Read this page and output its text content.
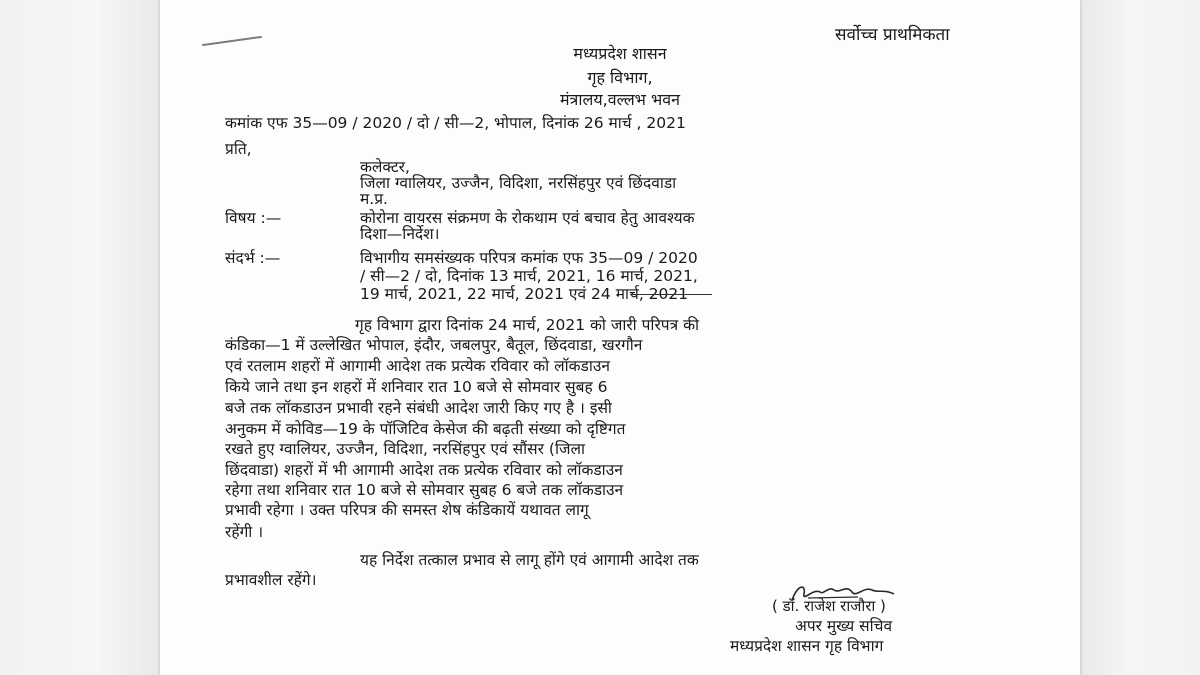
सर्वोच्च प्राथमिकता
मध्यप्रदेश शासन
गृह विभाग,
मंत्रालय,वल्लभ भवन
कमांक एफ 35—09 / 2020 / दो / सी—2, भोपाल, दिनांक 26 मार्च , 2021
प्रति,
कलेक्टर,
जिला ग्वालियर, उज्जैन, विदिशा, नरसिंहपुर एवं छिंदवाडा
म.प्र.
विषय :—	कोरोना वायरस संक्रमण के रोकथाम एवं बचाव हेतु आवश्यक
दिशा—निर्देश।
संदर्भ :—	विभागीय समसंख्यक परिपत्र कमांक एफ 35—09 / 2020
/ सी—2 / दो, दिनांक 13 मार्च, 2021, 16 मार्च, 2021,
19 मार्च, 2021, 22 मार्च, 2021 एवं 24 मार्च, 2021
गृह विभाग द्वारा दिनांक 24 मार्च, 2021 को जारी परिपत्र की
कंडिका—1 में उल्लेखित भोपाल, इंदौर, जबलपुर, बैतूल, छिंदवाडा, खरगौन
एवं रतलाम शहरों में आगामी आदेश तक प्रत्येक रविवार को लॉकडाउन
किये जाने तथा इन शहरों में शनिवार रात 10 बजे से सोमवार सुबह 6
बजे तक लॉकडाउन प्रभावी रहने संबंधी आदेश जारी किए गए है । इसी
अनुकम में कोविड—19 के पॉजिटिव केसेज की बढ़ती संख्या को दृष्टिगत
रखते हुए ग्वालियर, उज्जैन, विदिशा, नरसिंहपुर एवं सौंसर (जिला
छिंदवाडा) शहरों में भी आगामी आदेश तक प्रत्येक रविवार को लॉकडाउन
रहेगा तथा शनिवार रात 10 बजे से सोमवार सुबह 6 बजे तक लॉकडाउन
प्रभावी रहेगा । उक्त परिपत्र की समस्त शेष कंडिकायें यथावत लागू
रहेंगी ।
यह निर्देश तत्काल प्रभाव से लागू होंगे एवं आगामी आदेश तक
प्रभावशील रहेंगे।
( डॉ. राजेश राजौरा )
अपर मुख्य सचिव
मध्यप्रदेश शासन गृह विभाग
